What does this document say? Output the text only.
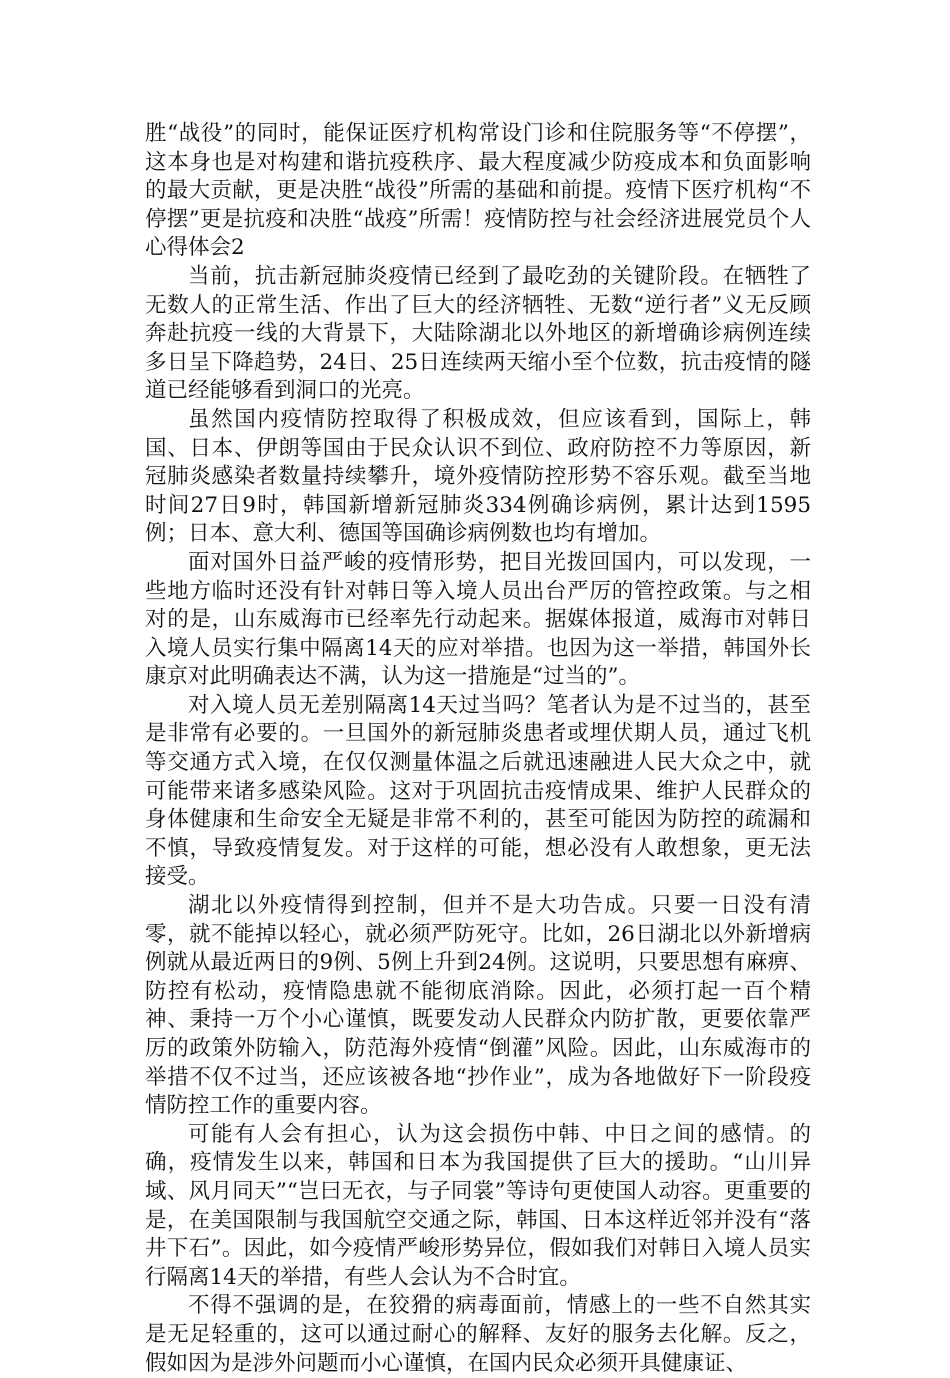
胜“战役”的同时，能保证医疗机构常设门诊和住院服务等“不停摆”，这本身也是对构建和谐抗疫秩序、最大程度减少防疫成本和负面影响的最大贡献，更是决胜“战役”所需的基础和前提。疫情下医疗机构“不停摆”更是抗疫和决胜“战疫”所需！疫情防控与社会经济进展党员个人心得体会2

当前，抗击新冠肺炎疫情已经到了最吃劲的关键阶段。在牺牲了无数人的正常生活、作出了巨大的经济牺牲、无数“逆行者”义无反顾奔赴抗疫一线的大背景下，大陆除湖北以外地区的新增确诊病例连续多日呈下降趋势，24日、25日连续两天缩小至个位数，抗击疫情的隧道已经能够看到洞口的光亮。

虽然国内疫情防控取得了积极成效，但应该看到，国际上，韩国、日本、伊朗等国由于民众认识不到位、政府防控不力等原因，新冠肺炎感染者数量持续攀升，境外疫情防控形势不容乐观。截至当地时间27日9时，韩国新增新冠肺炎334例确诊病例，累计达到1595例；日本、意大利、德国等国确诊病例数也均有增加。

面对国外日益严峻的疫情形势，把目光拨回国内，可以发现，一些地方临时还没有针对韩日等入境人员出台严厉的管控政策。与之相对的是，山东威海市已经率先行动起来。据媒体报道，威海市对韩日入境人员实行集中隔离14天的应对举措。也因为这一举措，韩国外长康京对此明确表达不满，认为这一措施是“过当的”。

对入境人员无差别隔离14天过当吗？笔者认为是不过当的，甚至是非常有必要的。一旦国外的新冠肺炎患者或埋伏期人员，通过飞机等交通方式入境，在仅仅测量体温之后就迅速融进人民大众之中，就可能带来诸多感染风险。这对于巩固抗击疫情成果、维护人民群众的身体健康和生命安全无疑是非常不利的，甚至可能因为防控的疏漏和不慎，导致疫情复发。对于这样的可能，想必没有人敢想象，更无法接受。

湖北以外疫情得到控制，但并不是大功告成。只要一日没有清零，就不能掉以轻心，就必须严防死守。比如，26日湖北以外新增病例就从最近两日的9例、5例上升到24例。这说明，只要思想有麻痹、防控有松动，疫情隐患就不能彻底消除。因此，必须打起一百个精神、秉持一万个小心谨慎，既要发动人民群众内防扩散，更要依靠严厉的政策外防输入，防范海外疫情“倒灌”风险。因此，山东威海市的举措不仅不过当，还应该被各地“抄作业”，成为各地做好下一阶段疫情防控工作的重要内容。

可能有人会有担心，认为这会损伤中韩、中日之间的感情。的确，疫情发生以来，韩国和日本为我国提供了巨大的援助。“山川异域、风月同天”“岂曰无衣，与子同裳”等诗句更使国人动容。更重要的是，在美国限制与我国航空交通之际，韩国、日本这样近邻并没有“落井下石”。因此，如今疫情严峻形势异位，假如我们对韩日入境人员实行隔离14天的举措，有些人会认为不合时宜。

不得不强调的是，在狡猾的病毒面前，情感上的一些不自然其实是无足轻重的，这可以通过耐心的解释、友好的服务去化解。反之，假如因为是涉外问题而小心谨慎，在国内民众必须开具健康证、
